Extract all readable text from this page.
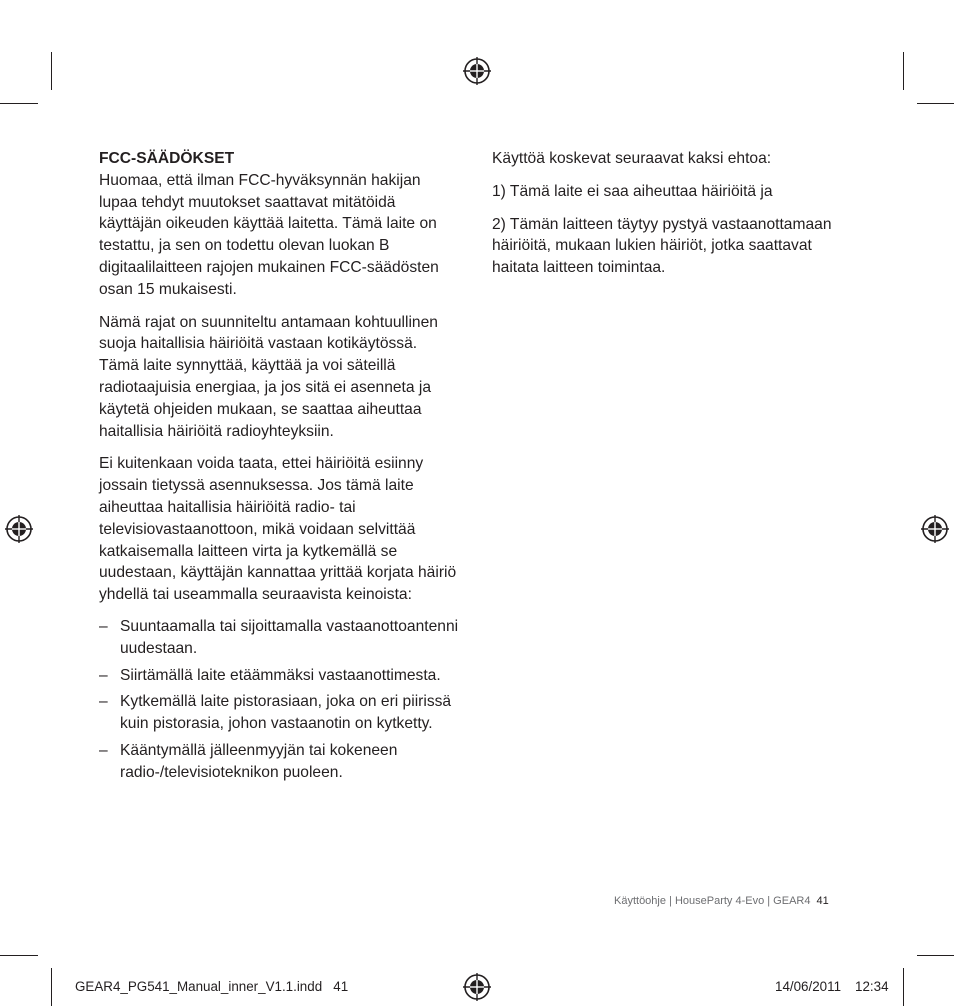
FCC-SÄÄDÖKSET

Huomaa, että ilman FCC-hyväksynnän hakijan lupaa tehdyt muutokset saattavat mitätöidä käyttäjän oikeuden käyttää laitetta. Tämä laite on testattu, ja sen on todettu olevan luokan B digitaalilaitteen rajojen mukainen FCC-säädösten osan 15 mukaisesti.

Nämä rajat on suunniteltu antamaan kohtuullinen suoja haitallisia häiriöitä vastaan kotikäytössä. Tämä laite synnyttää, käyttää ja voi säteillä radiotaajuisia energiaa, ja jos sitä ei asenneta ja käytetä ohjeiden mukaan, se saattaa aiheuttaa haitallisia häiriöitä radioyhteyksiin.

Ei kuitenkaan voida taata, ettei häiriöitä esiinny jossain tietyssä asennuksessa. Jos tämä laite aiheuttaa haitallisia häiriöitä radio- tai televisiovastaanottoon, mikä voidaan selvittää katkaisemalla laitteen virta ja kytkemällä se uudestaan, käyttäjän kannattaa yrittää korjata häiriö yhdellä tai useammalla seuraavista keinoista:

– Suuntaamalla tai sijoittamalla vastaanottoantenni uudestaan.
– Siirtämällä laite etäämmäksi vastaanottimesta.
– Kytkemällä laite pistorasiaan, joka on eri piirissä kuin pistorasia, johon vastaanotin on kytketty.
– Kääntymällä jälleenmyyjän tai kokeneen radio-/televisioteknikon puoleen.

Käyttöä koskevat seuraavat kaksi ehtoa:

1) Tämä laite ei saa aiheuttaa häiriöitä ja

2) Tämän laitteen täytyy pystyä vastaanottamaan häiriöitä, mukaan lukien häiriöt, jotka saattavat haitata laitteen toimintaa.

Käyttöohje | HouseParty 4-Evo | GEAR4 41
GEAR4_PG541_Manual_inner_V1.1.indd   41	14/06/2011 12:34
